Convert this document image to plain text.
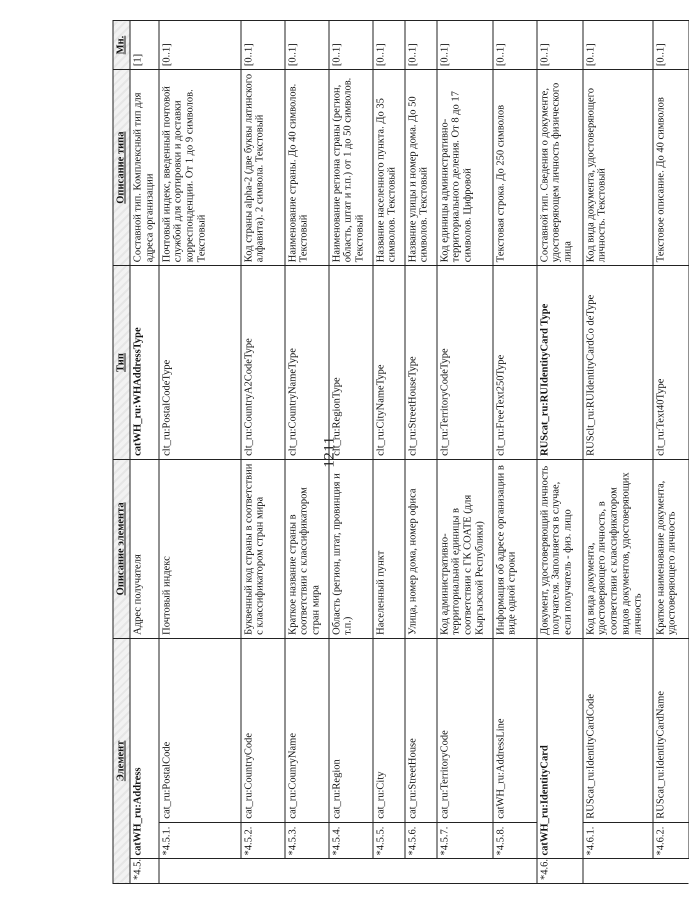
1211
Элемент			Описание элемента	Тип	Описание типа	Мн.
*4.5.	catWH_ru:Address		Адрес получателя	catWH_ru:WHAddressType	Составной тип. Комплексный тип для адреса организации	[1]
	*4.5.1.	cat_ru:PostalCode	Почтовый индекс	clt_ru:PostalCodeType	Почтовый индекс, введенный почтовой службой для сортировки и доставки корреспонденции. От 1 до 9 символов. Текстовый	[0..1]
	*4.5.2.	cat_ru:CountryCode	Буквенный код страны в соответствии с классификатором стран мира	clt_ru:CountryA2CodeType	Код страны alpha-2 (две буквы латинского алфавита). 2 символа. Текстовый	[0..1]
	*4.5.3.	cat_ru:CounryName	Краткое название страны в соответствии с классификатором стран мира	clt_ru:CountryNameType	Наименование страны. До 40 символов. Текстовый	[0..1]
	*4.5.4.	cat_ru:Region	Область (регион, штат, провинция и т.п.)	clt_ru:RegionType	Наименование региона страны (регион, область, штат и т.п.) от 1 до 50 символов. Текстовый	[0..1]
	*4.5.5.	cat_ru:City	Населенный пункт	clt_ru:CityNameType	Название населенного пункта. До 35 символов. Текстовый	[0..1]
	*4.5.6.	cat_ru:StreetHouse	Улица, номер дома, номер офиса	clt_ru:StreetHouseType	Название улицы и номер дома. До 50 символов. Текстовый	[0..1]
	*4.5.7.	cat_ru:TerritoryCode	Код административно-территориальной единицы в соответствии с ГК СОАТЕ (для Кыргызской Республики)	clt_ru:TerritoryCodeType	Код единицы административно-территориального деления. От 8 до 17 символов. Цифровой	[0..1]
	*4.5.8.	catWH_ru:AddressLine	Информация об адресе организации в виде одной строки	clt_ru:FreeText250Type	Текстовая строка. До 250 символов	[0..1]
*4.6.	catWH_ru:IdentityCard		Документ, удостоверяющий личность получателя. Заполняется в случае, если получатель - физ. лицо	RUScat_ru:RUIdentityCard Type	Составной тип. Сведения о документе, удостоверяющем личность физического лица	[0..1]
	*4.6.1.	RUScat_ru:IdentityCardCode	Код вида документа, удостоверяющего личность, в соответствии с классификатором видов документов, удостоверяющих личность	RUSclt_ru:RUIdentityCardCo deType	Код вида документа, удостоверяющего личность. Текстовый	[0..1]
	*4.6.2.	RUScat_ru:IdentityCardName	Краткое наименование документа, удостоверяющего личность	clt_ru:Text40Type	Текстовое описание. До 40 символов	[0..1]
